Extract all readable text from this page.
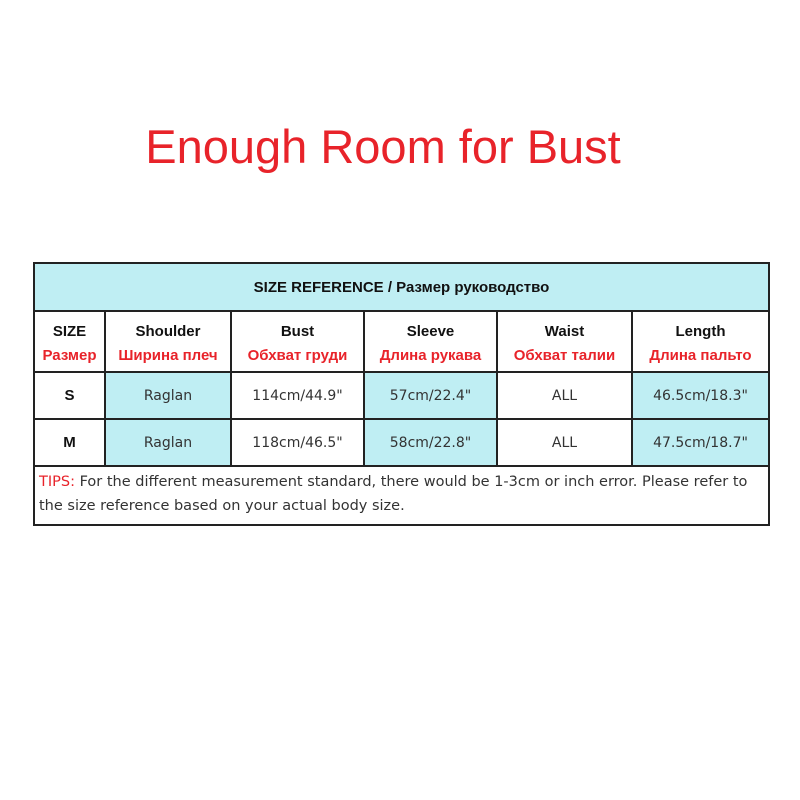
Enough Room for Bust
SIZE REFERENCE / Размер руководство
SIZE	Shoulder	Bust	Sleeve	Waist	Length
Размер	Ширина плеч	Обхват груди	Длина рукава	Обхват талии	Длина пальто
S	Raglan	114cm/44.9"	57cm/22.4"	ALL	46.5cm/18.3"
M	Raglan	118cm/46.5"	58cm/22.8"	ALL	47.5cm/18.7"
TIPS: For the different measurement standard, there would be 1-3cm or inch error. Please refer to the size reference based on your actual body size.
